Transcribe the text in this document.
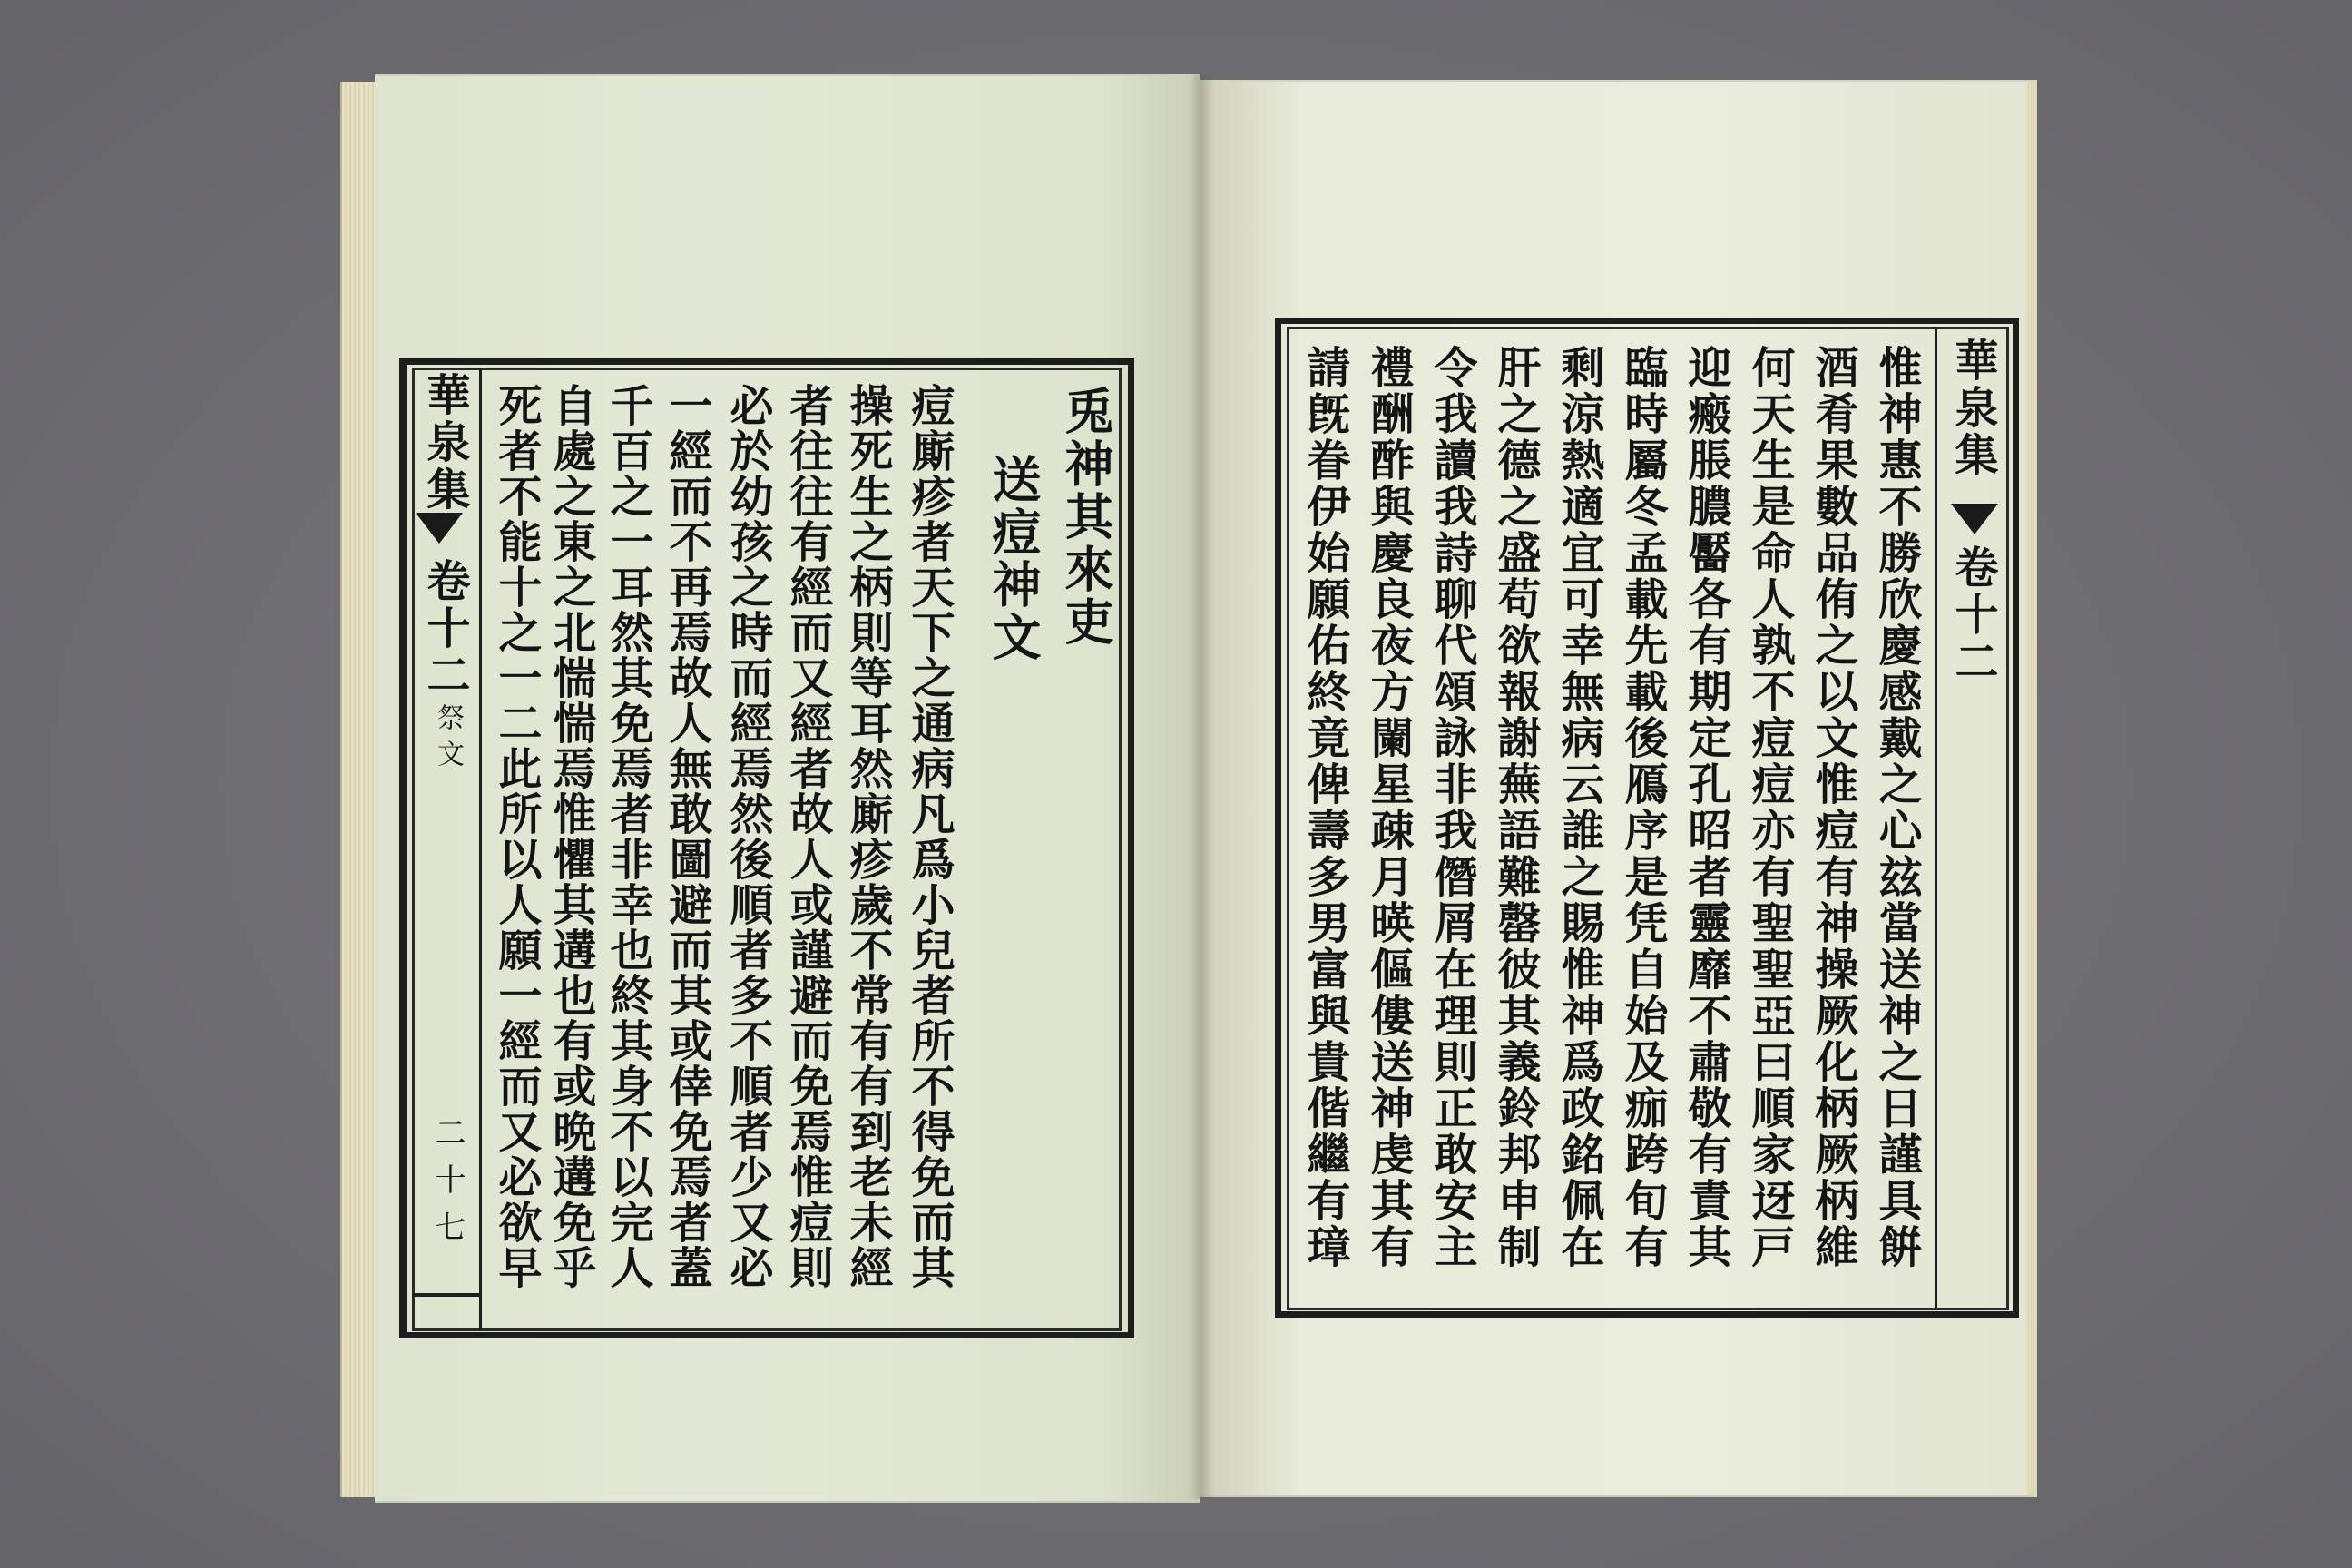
華泉集
卷十二
祭文
二十七
兎神其來吏
送痘神文
痘廝疹者天下之通病凡爲小兒者所不得免而其
操死生之柄則等耳然廝疹歲不常有有到老未經
者往往有經而又經者故人或謹避而免焉惟痘則
必於幼孩之時而經焉然後順者多不順者少又必
一經而不再焉故人無敢圖避而其或倖免焉者蓋
千百之一耳然其免焉者非幸也終其身不以完人
自處之東之北惴惴焉惟懼其遘也有或晩遘免乎	華泉集
卷十二
惟神惠不勝欣慶感戴之心玆當送神之日謹具餠
酒肴果數品侑之以文惟痘有神操厥化柄厥柄維
何天生是命人孰不痘痘亦有聖聖亞曰順家迓戸
迎瘢脹膿靨各有期定孔昭者靈靡不肅敬有責其
臨時屬冬孟載先載後鴈序是凭自始及痂跨旬有
剩涼熱適宜可幸無病云誰之賜惟神爲政銘佩在
肝之德之盛苟欲報謝蕪語難罄彼其義鈴邦申制
令我讀我詩聊代頌詠非我僭屑在理則正敢安主
禮酬酢與慶良夜方闌星疎月暎傴僂送神虔其有
死者不能十之一二此所以人願一經而又必欲早	請旣眷伊始願佑終竟俾壽多男富與貴偕繼有璋
